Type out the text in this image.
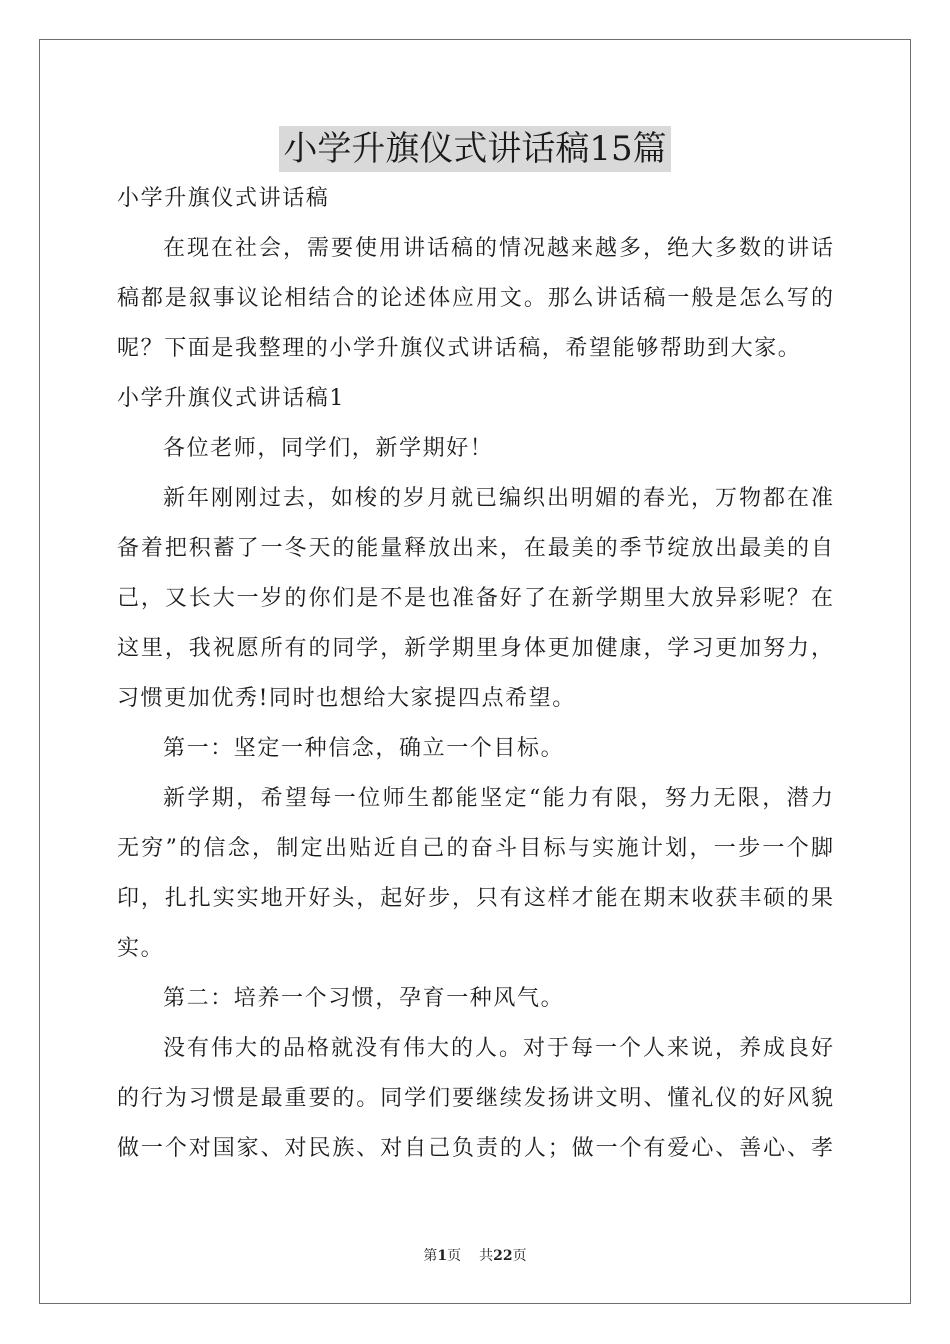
小学升旗仪式讲话稿15篇
小学升旗仪式讲话稿
在现在社会，需要使用讲话稿的情况越来越多，绝大多数的讲话
稿都是叙事议论相结合的论述体应用文。那么讲话稿一般是怎么写的
呢？下面是我整理的小学升旗仪式讲话稿，希望能够帮助到大家。
小学升旗仪式讲话稿1
各位老师，同学们，新学期好！
新年刚刚过去，如梭的岁月就已编织出明媚的春光，万物都在准
备着把积蓄了一冬天的能量释放出来，在最美的季节绽放出最美的自
己，又长大一岁的你们是不是也准备好了在新学期里大放异彩呢？在
这里，我祝愿所有的同学，新学期里身体更加健康，学习更加努力，
习惯更加优秀!同时也想给大家提四点希望。
第一：坚定一种信念，确立一个目标。
新学期，希望每一位师生都能坚定“能力有限，努力无限，潜力
无穷”的信念，制定出贴近自己的奋斗目标与实施计划，一步一个脚
印，扎扎实实地开好头，起好步，只有这样才能在期末收获丰硕的果
实。
第二：培养一个习惯，孕育一种风气。
没有伟大的品格就没有伟大的人。对于每一个人来说，养成良好
的行为习惯是最重要的。同学们要继续发扬讲文明、懂礼仪的好风貌
做一个对国家、对民族、对自己负责的人；做一个有爱心、善心、孝
第1页 共22页
